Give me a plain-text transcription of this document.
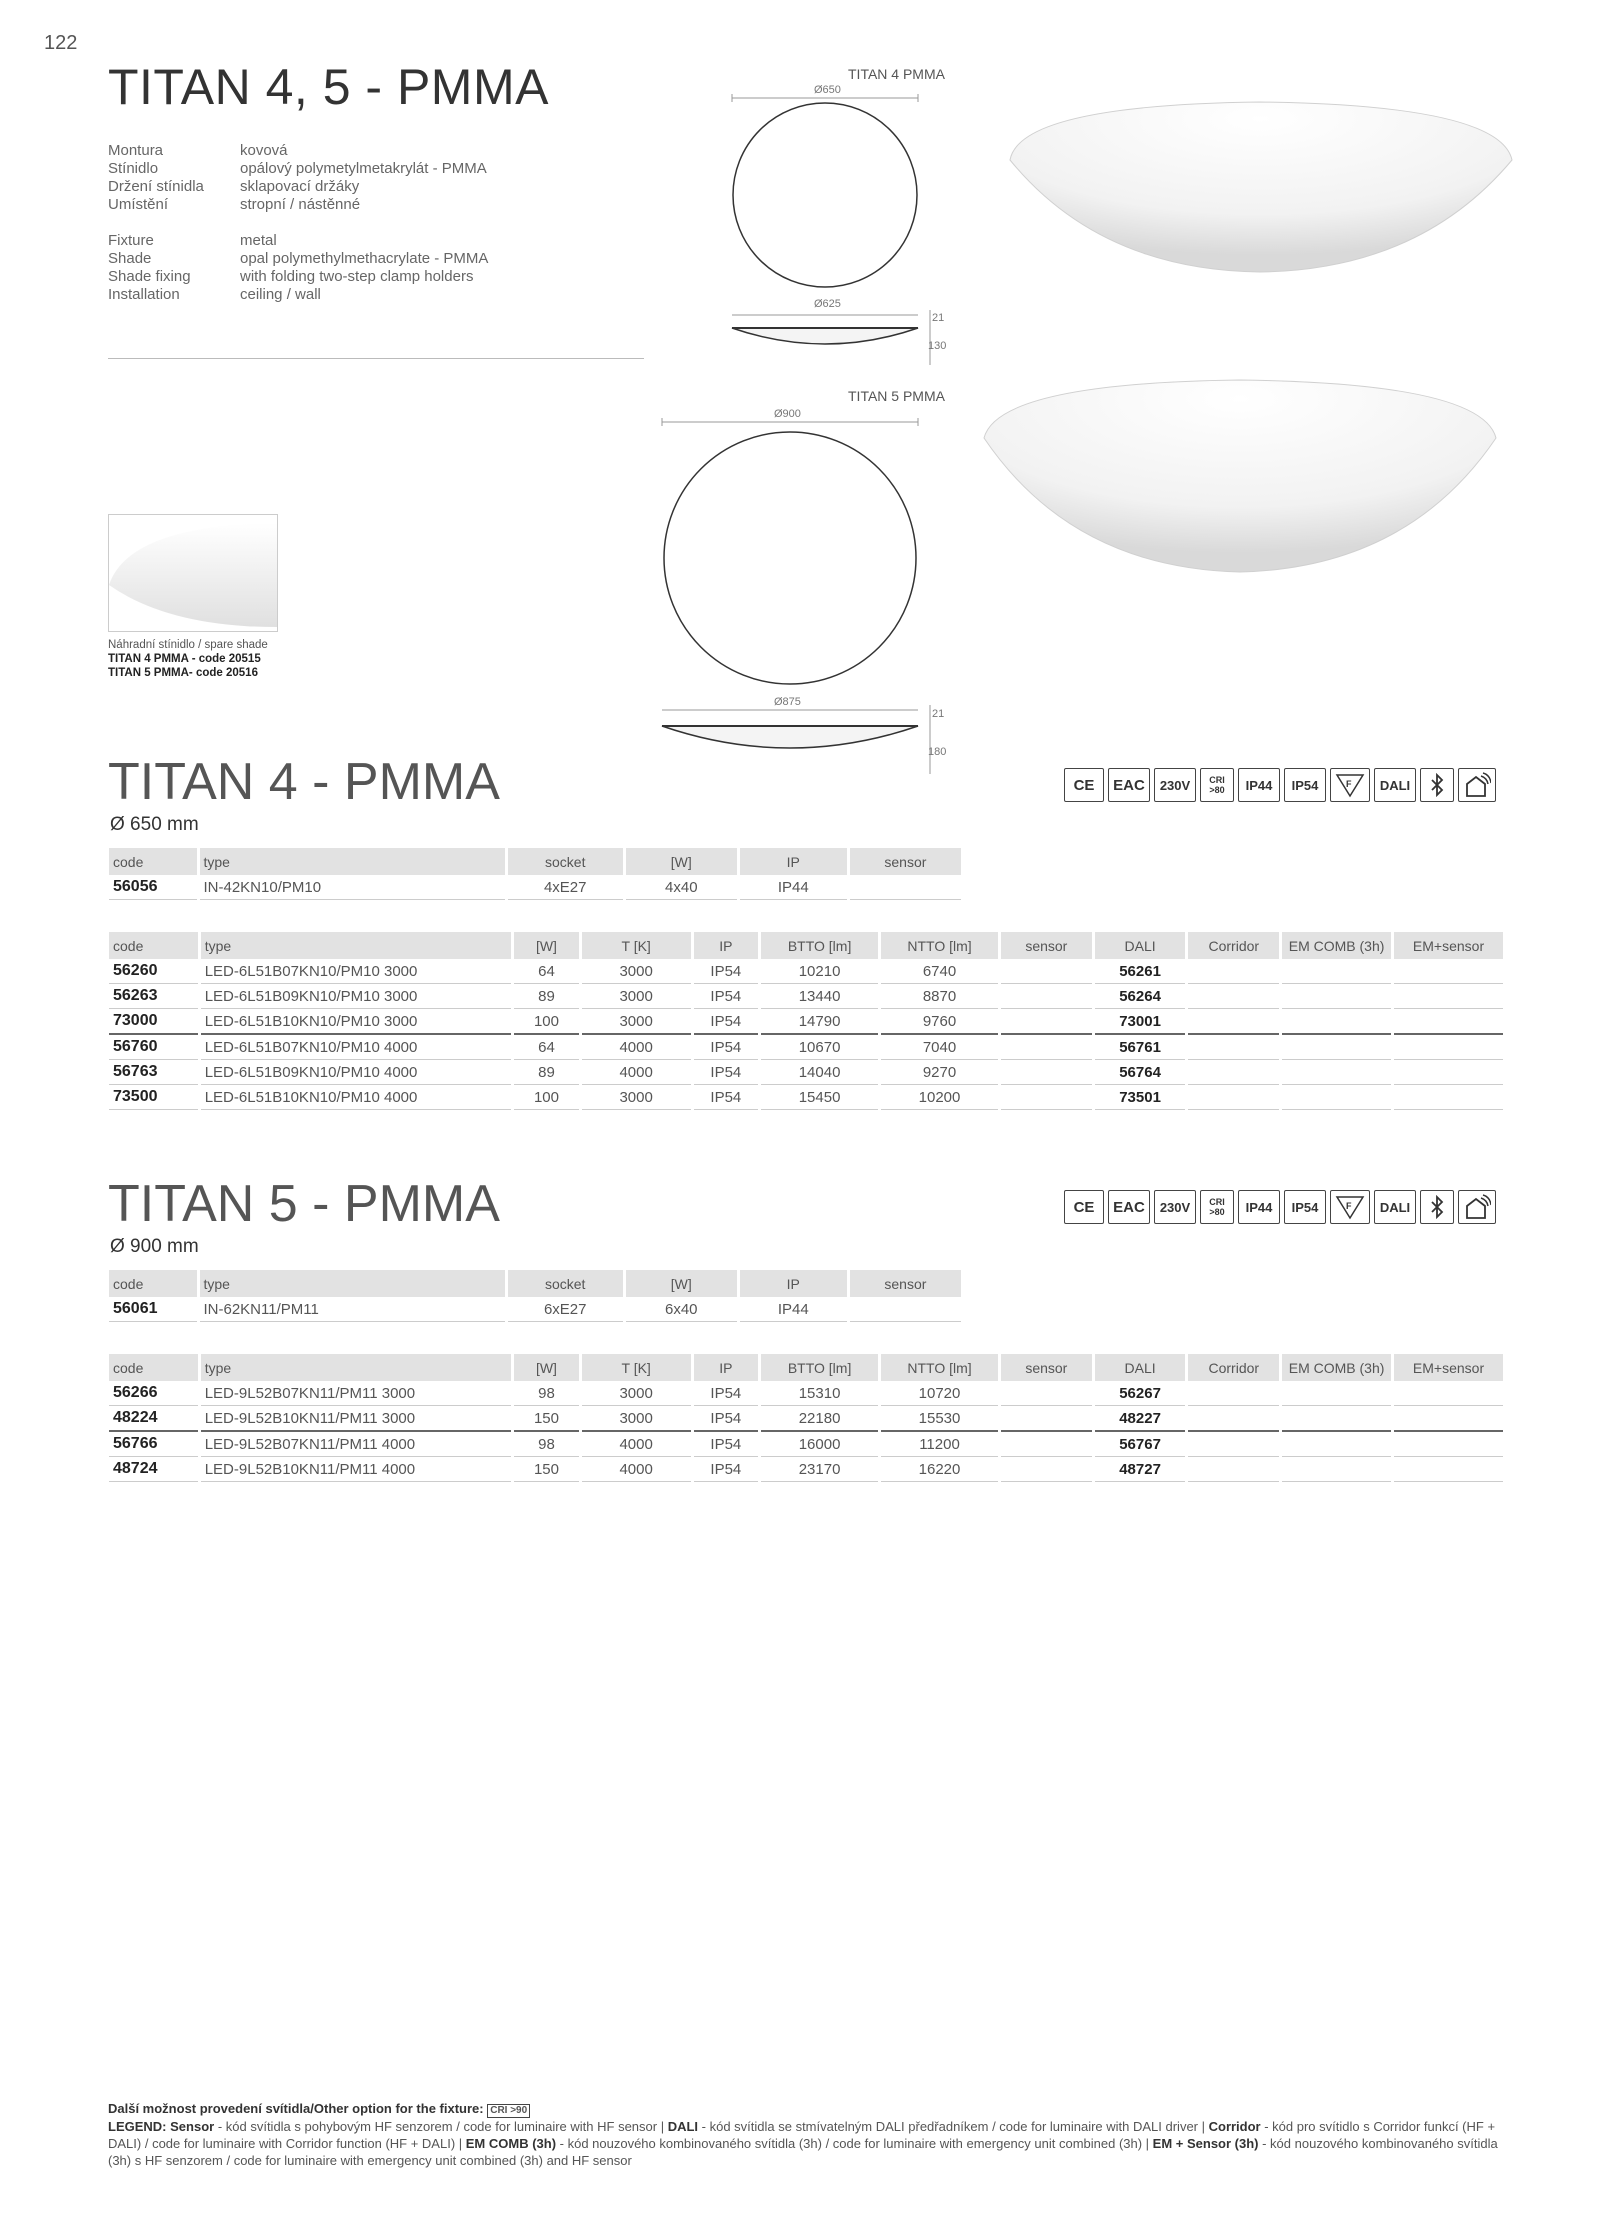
122
TITAN 4, 5 - PMMA
Montura	kovová
Stínidlo	opálový polymetylmetakrylát - PMMA
Držení stínidla	sklapovací držáky
Umístění	stropní / nástěnné
Fixture	metal
Shade	opal polymethylmethacrylate - PMMA
Shade fixing	with folding two-step clamp holders
Installation	ceiling / wall
TITAN 4 PMMA
Ø650
Ø625
21
130
TITAN 5 PMMA
Ø900
Ø875
21
180
Náhradní stínidlo / spare shade
TITAN 4 PMMA - code 20515
TITAN 5 PMMA- code 20516
TITAN 4 - PMMA
Ø 650 mm
CE	EAC	230V	CRI >80	IP44	IP54	F	DALI
code	type	socket	[W]	IP	sensor
56056	IN-42KN10/PM10	4xE27	4x40	IP44	
code	type	[W]	T [K]	IP	BTTO [lm]	NTTO [lm]	sensor	DALI	Corridor	EM COMB (3h)	EM+sensor
56260	LED-6L51B07KN10/PM10 3000	64	3000	IP54	10210	6740		56261			
56263	LED-6L51B09KN10/PM10 3000	89	3000	IP54	13440	8870		56264			
73000	LED-6L51B10KN10/PM10 3000	100	3000	IP54	14790	9760		73001			
56760	LED-6L51B07KN10/PM10 4000	64	4000	IP54	10670	7040		56761			
56763	LED-6L51B09KN10/PM10 4000	89	4000	IP54	14040	9270		56764			
73500	LED-6L51B10KN10/PM10 4000	100	3000	IP54	15450	10200		73501			
TITAN 5 - PMMA
Ø 900 mm
CE	EAC	230V	CRI >80	IP44	IP54	F	DALI
code	type	socket	[W]	IP	sensor
56061	IN-62KN11/PM11	6xE27	6x40	IP44	
code	type	[W]	T [K]	IP	BTTO [lm]	NTTO [lm]	sensor	DALI	Corridor	EM COMB (3h)	EM+sensor
56266	LED-9L52B07KN11/PM11 3000	98	3000	IP54	15310	10720		56267			
48224	LED-9L52B10KN11/PM11 3000	150	3000	IP54	22180	15530		48227			
56766	LED-9L52B07KN11/PM11 4000	98	4000	IP54	16000	11200		56767			
48724	LED-9L52B10KN11/PM11 4000	150	4000	IP54	23170	16220		48727			
Další možnost provedení svítidla/Other option for the fixture: CRI >90
LEGEND: Sensor - kód svítidla s pohybovým HF senzorem / code for luminaire with HF sensor | DALI - kód svítidla se stmívatelným DALI předřadníkem / code for luminaire with DALI driver | Corridor - kód pro svítidlo s Corridor funkcí (HF + DALI) / code for luminaire with Corridor function (HF + DALI) | EM COMB (3h) - kód nouzového kombinovaného svítidla (3h) / code for luminaire with emergency unit combined (3h) | EM + Sensor (3h) - kód nouzového kombinovaného svítidla (3h) s HF senzorem / code for luminaire with emergency unit combined (3h) and HF sensor
